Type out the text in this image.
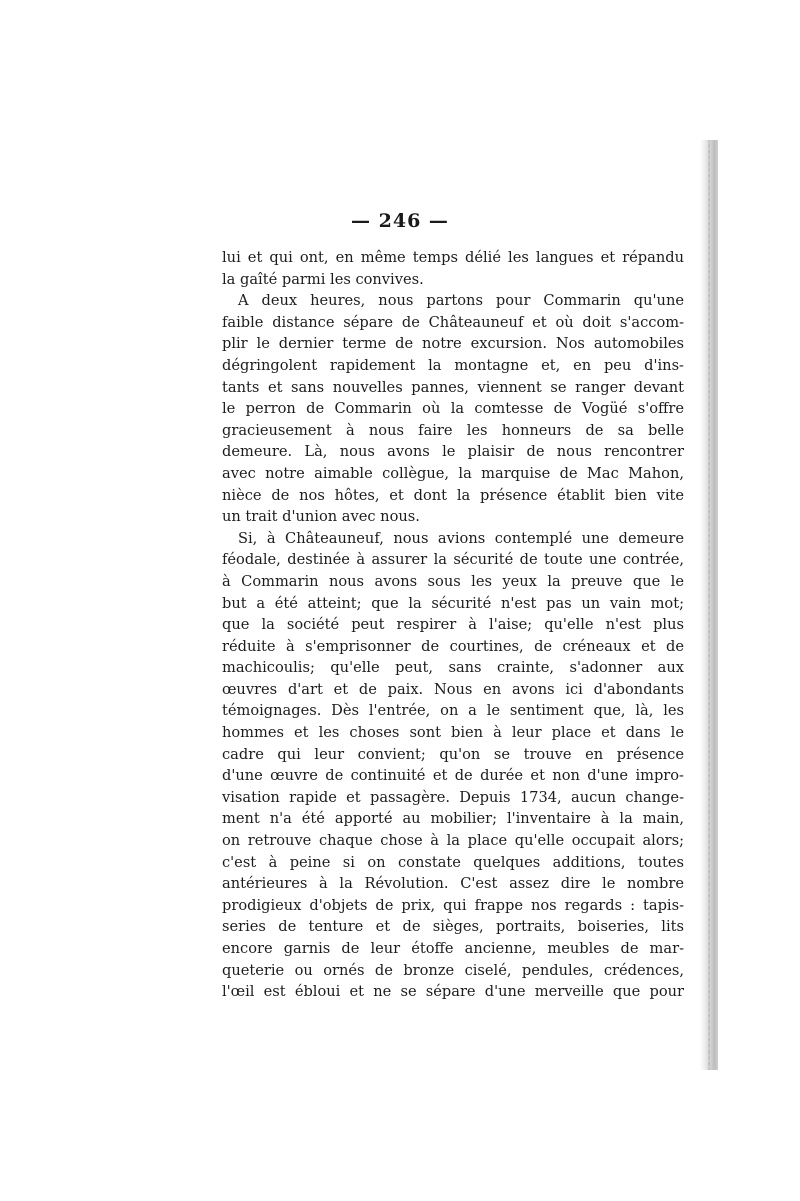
— 246 —
lui et qui ont, en même temps délié les langues et répandu
la gaîté parmi les convives.
A deux heures, nous partons pour Commarin qu'une
faible distance sépare de Châteauneuf et où doit s'accom-
plir le dernier terme de notre excursion. Nos automobiles
dégringolent rapidement la montagne et, en peu d'ins-
tants et sans nouvelles pannes, viennent se ranger devant
le perron de Commarin où la comtesse de Vogüé s'offre
gracieusement à nous faire les honneurs de sa belle
demeure. Là, nous avons le plaisir de nous rencontrer
avec notre aimable collègue, la marquise de Mac Mahon,
nièce de nos hôtes, et dont la présence établit bien vite
un trait d'union avec nous.
Si, à Châteauneuf, nous avions contemplé une demeure
féodale, destinée à assurer la sécurité de toute une contrée,
à Commarin nous avons sous les yeux la preuve que le
but a été atteint; que la sécurité n'est pas un vain mot;
que la société peut respirer à l'aise; qu'elle n'est plus
réduite à s'emprisonner de courtines, de créneaux et de
machicoulis; qu'elle peut, sans crainte, s'adonner aux
œuvres d'art et de paix. Nous en avons ici d'abondants
témoignages. Dès l'entrée, on a le sentiment que, là, les
hommes et les choses sont bien à leur place et dans le
cadre qui leur convient; qu'on se trouve en présence
d'une œuvre de continuité et de durée et non d'une impro-
visation rapide et passagère. Depuis 1734, aucun change-
ment n'a été apporté au mobilier; l'inventaire à la main,
on retrouve chaque chose à la place qu'elle occupait alors;
c'est à peine si on constate quelques additions, toutes
antérieures à la Révolution. C'est assez dire le nombre
prodigieux d'objets de prix, qui frappe nos regards : tapis-
series de tenture et de sièges, portraits, boiseries, lits
encore garnis de leur étoffe ancienne, meubles de mar-
queterie ou ornés de bronze ciselé, pendules, crédences,
l'œil est ébloui et ne se sépare d'une merveille que pour
